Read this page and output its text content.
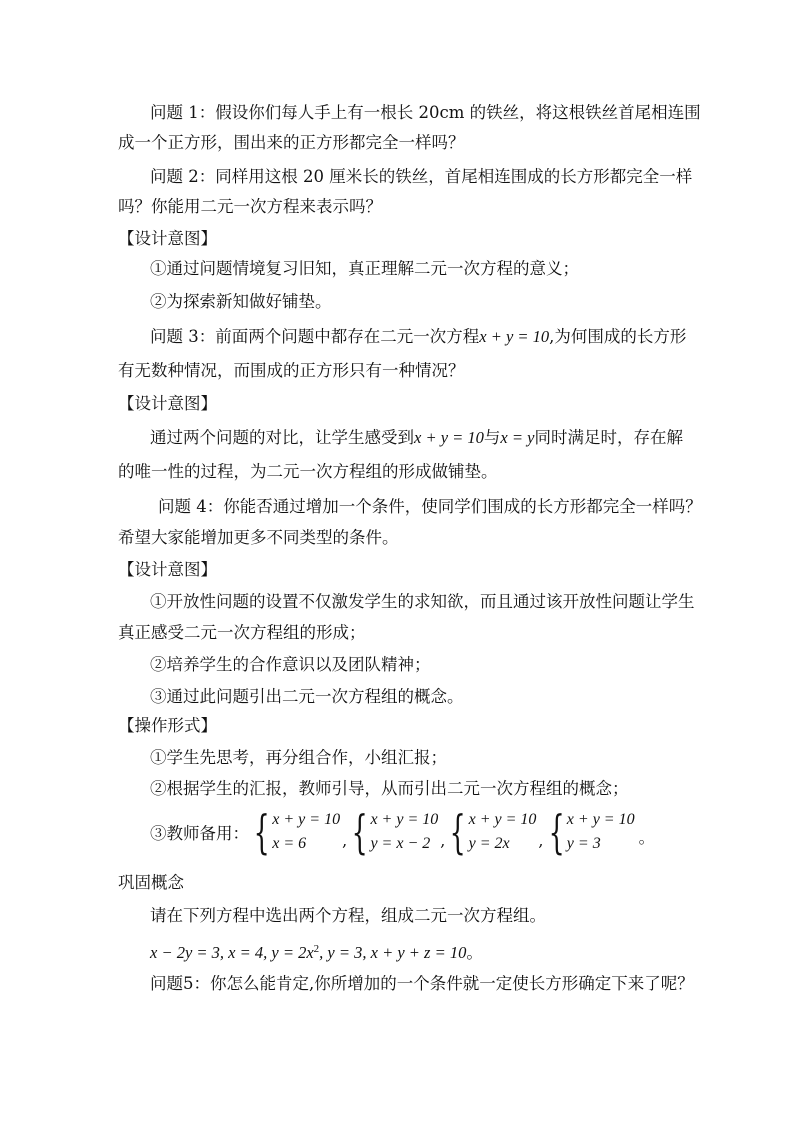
问题 1：假设你们每人手上有一根长 20cm 的铁丝，将这根铁丝首尾相连围
成一个正方形，围出来的正方形都完全一样吗？
问题 2：同样用这根 20 厘米长的铁丝，首尾相连围成的长方形都完全一样
吗？你能用二元一次方程来表示吗？
【设计意图】
①通过问题情境复习旧知，真正理解二元一次方程的意义；
②为探索新知做好铺垫。
问题 3：前面两个问题中都存在二元一次方程x + y = 10,为何围成的长方形
有无数种情况，而围成的正方形只有一种情况？
【设计意图】
通过两个问题的对比，让学生感受到x + y = 10与x = y同时满足时，存在解
的唯一性的过程，为二元一次方程组的形成做铺垫。
问题 4：你能否通过增加一个条件，使同学们围成的长方形都完全一样吗？
希望大家能增加更多不同类型的条件。
【设计意图】
①开放性问题的设置不仅激发学生的求知欲，而且通过该开放性问题让学生
真正感受二元一次方程组的形成；
②培养学生的合作意识以及团队精神；
③通过此问题引出二元一次方程组的概念。
【操作形式】
①学生先思考，再分组合作，小组汇报；
②根据学生的汇报，教师引导，从而引出二元一次方程组的概念；
③教师备用： { x + y = 10
x = 6	, { x + y = 10
y = x − 2 , { x + y = 10
y = 2x	, { x + y = 10
y = 3	。
巩固概念
请在下列方程中选出两个方程，组成二元一次方程组。
x − 2y = 3, x = 4, $y = 2x^2$, y = 3, x + y + z = 10。
问题5：你怎么能肯定,你所增加的一个条件就一定使长方形确定下来了呢？
